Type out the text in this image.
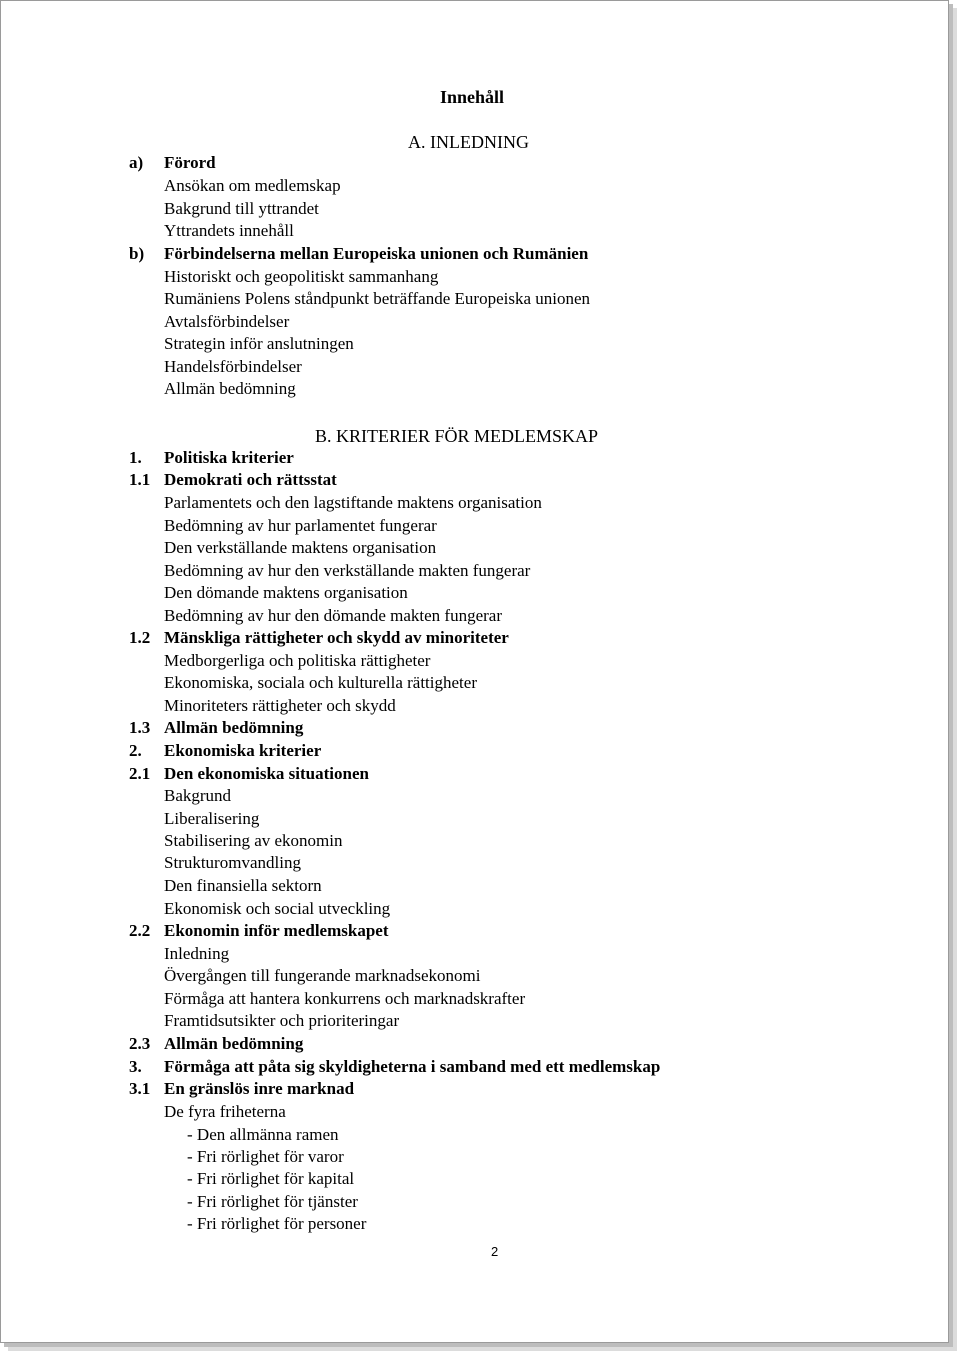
Innehåll
A. INLEDNING
B. KRITERIER FÖR MEDLEMSKAP
a) Förord
Ansökan om medlemskap
Bakgrund till yttrandet
Yttrandets innehåll
b) Förbindelserna mellan Europeiska unionen och Rumänien
Historiskt och geopolitiskt sammanhang
Rumäniens Polens ståndpunkt beträffande Europeiska unionen
Avtalsförbindelser
Strategin inför anslutningen
Handelsförbindelser
Allmän bedömning
1. Politiska kriterier
1.1 Demokrati och rättsstat
Parlamentets och den lagstiftande maktens organisation
Bedömning av hur parlamentet fungerar
Den verkställande maktens organisation
Bedömning av hur den verkställande makten fungerar
Den dömande maktens organisation
Bedömning av hur den dömande makten fungerar
1.2 Mänskliga rättigheter och skydd av minoriteter
Medborgerliga och politiska rättigheter
Ekonomiska, sociala och kulturella rättigheter
Minoriteters rättigheter och skydd
1.3 Allmän bedömning
2. Ekonomiska kriterier
2.1 Den ekonomiska situationen
Bakgrund
Liberalisering
Stabilisering av ekonomin
Strukturomvandling
Den finansiella sektorn
Ekonomisk och social utveckling
2.2 Ekonomin inför medlemskapet
Inledning
Övergången till fungerande marknadsekonomi
Förmåga att hantera konkurrens och marknadskrafter
Framtidsutsikter och prioriteringar
2.3 Allmän bedömning
3. Förmåga att påta sig skyldigheterna i samband med ett medlemskap
3.1 En gränslös inre marknad
De fyra friheterna
- Den allmänna ramen
- Fri rörlighet för varor
- Fri rörlighet för kapital
- Fri rörlighet för tjänster
- Fri rörlighet för personer
2
